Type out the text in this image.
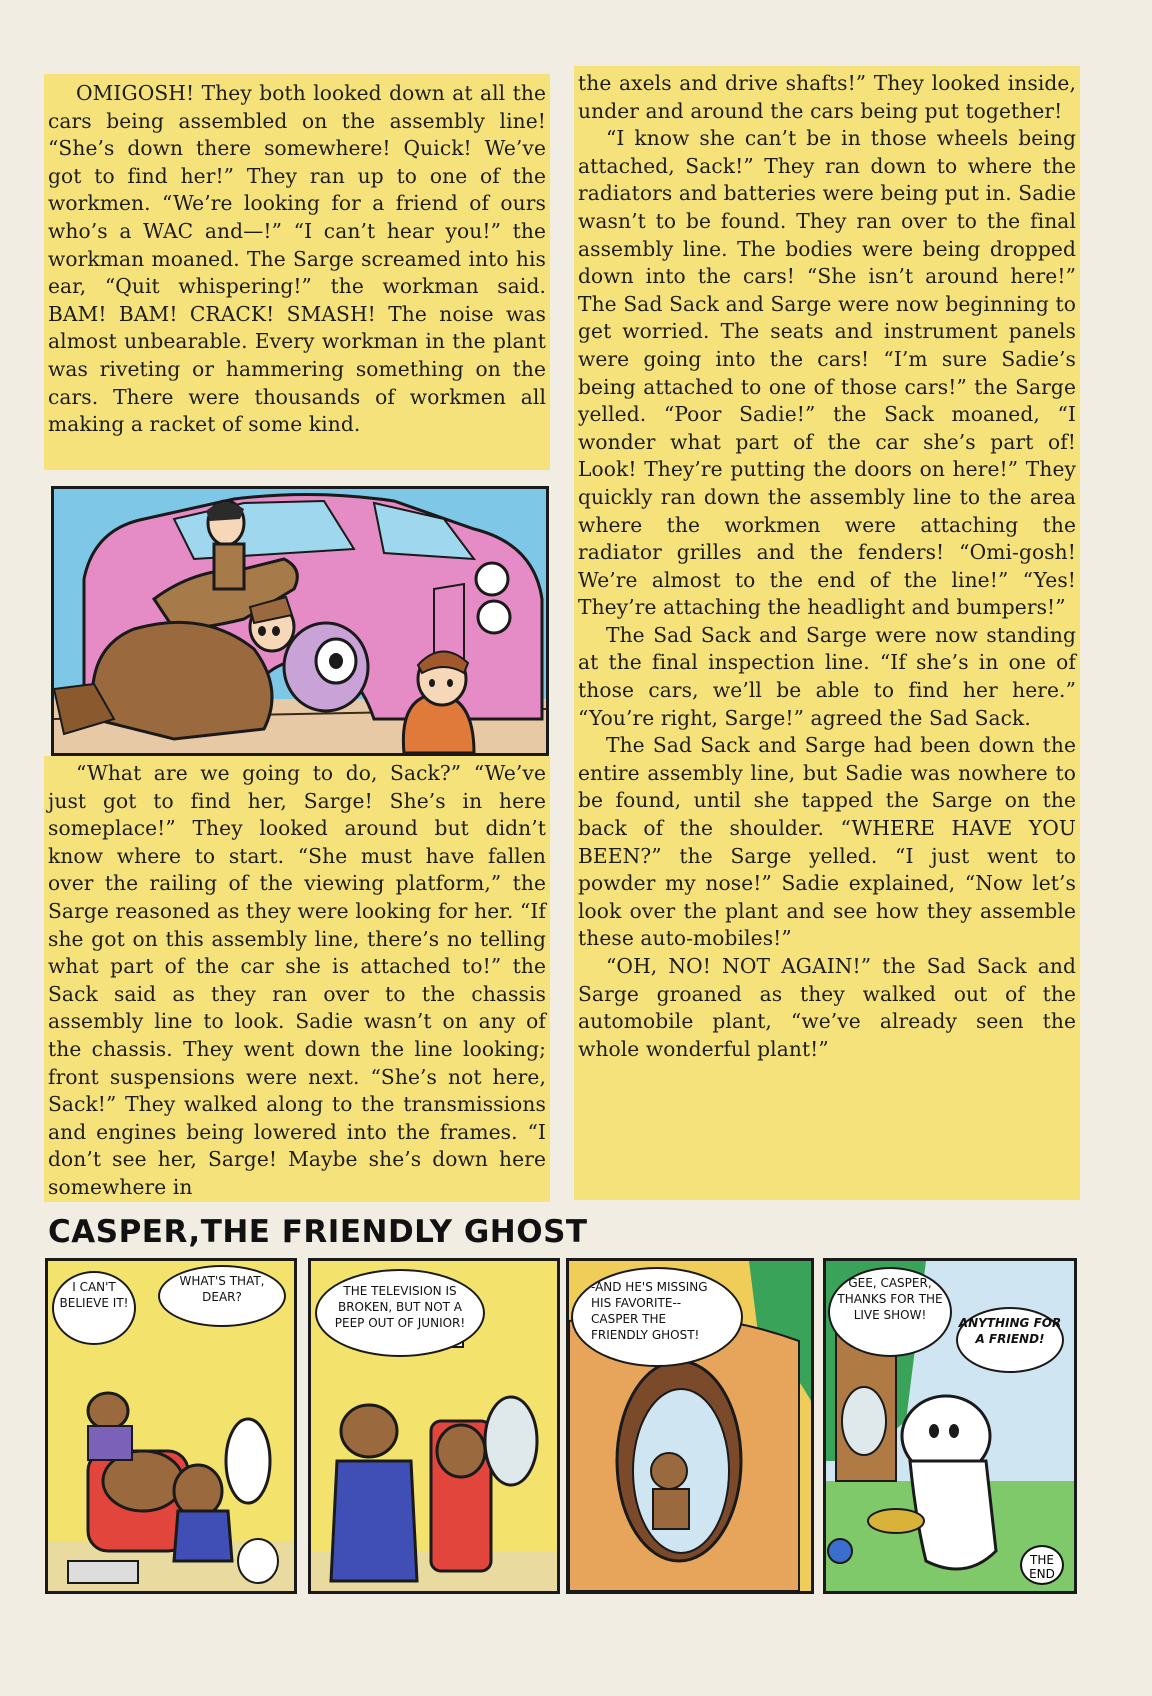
OMIGOSH! They both looked down at all the cars being assembled on the assembly line! “She’s down there somewhere! Quick! We’ve got to find her!” They ran up to one of the workmen. “We’re looking for a friend of ours who’s a WAC and—!” “I can’t hear you!” the workman moaned. The Sarge screamed into his ear, “Quit whispering!” the workman said. BAM! BAM! CRACK! SMASH! The noise was almost unbearable. Every workman in the plant was riveting or hammering something on the cars. There were thousands of workmen all making a racket of some kind.

“What are we going to do, Sack?” “We’ve just got to find her, Sarge! She’s in here someplace!” They looked around but didn’t know where to start. “She must have fallen over the railing of the viewing platform,” the Sarge reasoned as they were looking for her. “If she got on this assembly line, there’s no telling what part of the car she is attached to!” the Sack said as they ran over to the chassis assembly line to look. Sadie wasn’t on any of the chassis. They went down the line looking; front suspensions were next. “She’s not here, Sack!” They walked along to the transmissions and engines being lowered into the frames. “I don’t see her, Sarge! Maybe she’s down here somewhere in

the axels and drive shafts!” They looked inside, under and around the cars being put together!

“I know she can’t be in those wheels being attached, Sack!” They ran down to where the radiators and batteries were being put in. Sadie wasn’t to be found. They ran over to the final assembly line. The bodies were being dropped down into the cars! “She isn’t around here!” The Sad Sack and Sarge were now beginning to get worried. The seats and instrument panels were going into the cars! “I’m sure Sadie’s being attached to one of those cars!” the Sarge yelled. “Poor Sadie!” the Sack moaned, “I wonder what part of the car she’s part of! Look! They’re putting the doors on here!” They quickly ran down the assembly line to the area where the workmen were attaching the radiator grilles and the fenders! “Omi-gosh! We’re almost to the end of the line!” “Yes! They’re attaching the headlight and bumpers!”

The Sad Sack and Sarge were now standing at the final inspection line. “If she’s in one of those cars, we’ll be able to find her here.” “You’re right, Sarge!” agreed the Sad Sack.

The Sad Sack and Sarge had been down the entire assembly line, but Sadie was nowhere to be found, until she tapped the Sarge on the back of the shoulder. “WHERE HAVE YOU BEEN?” the Sarge yelled. “I just went to powder my nose!” Sadie explained, “Now let’s look over the plant and see how they assemble these auto-mobiles!”

“OH, NO! NOT AGAIN!” the Sad Sack and Sarge groaned as they walked out of the automobile plant, “we’ve already seen the whole wonderful plant!”

CASPER,THE FRIENDLY GHOST
I CAN'T BELIEVE IT!
WHAT'S THAT, DEAR?	THE TELEVISION IS BROKEN, BUT NOT A PEEP OUT OF JUNIOR!
-AND HE'S MISSING HIS FAVORITE-- CASPER THE FRIENDLY GHOST!
GEE, CASPER, THANKS FOR THE LIVE SHOW!
ANYTHING FOR A FRIEND!
THE END
